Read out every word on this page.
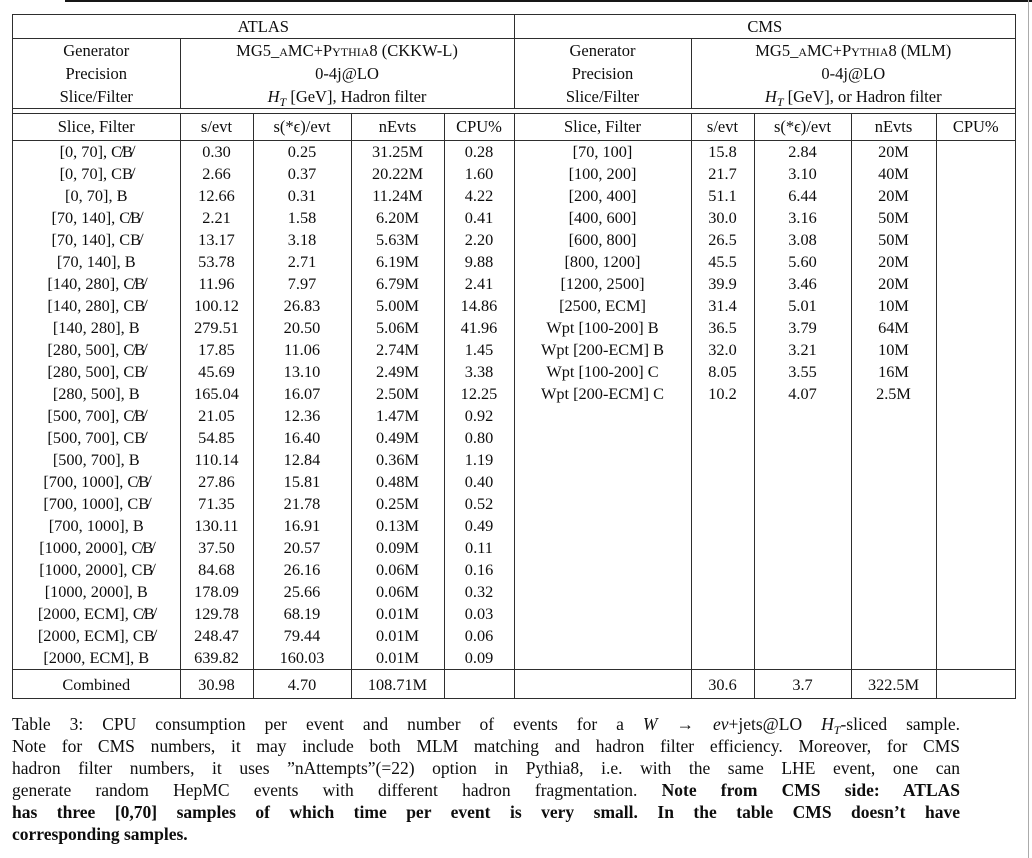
ATLAS		CMS	
Generator	MG5_aMC+Pythia8 (CKKW-L)	Generator	MG5_aMC+Pythia8 (MLM)
Precision	0-4j@LO	Precision	0-4j@LO
Slice/Filter	$H_T$ [GeV], Hadron filter	Slice/Filter	$H_T$ [GeV], or Hadron filter
Slice, Filter	s/evt	s(*ϵ)/evt	nEvts	CPU%	Slice, Filter	s/evt	s(*ϵ)/evt	nEvts	CPU%
[0, 70], C̸B̸	0.30	0.25	31.25M	0.28	[70, 100]	15.8	2.84	20M	
[0, 70], CB̸	2.66	0.37	20.22M	1.60	[100, 200]	21.7	3.10	40M	
[0, 70], B	12.66	0.31	11.24M	4.22	[200, 400]	51.1	6.44	20M	
[70, 140], C̸B̸	2.21	1.58	6.20M	0.41	[400, 600]	30.0	3.16	50M	
[70, 140], CB̸	13.17	3.18	5.63M	2.20	[600, 800]	26.5	3.08	50M	
[70, 140], B	53.78	2.71	6.19M	9.88	[800, 1200]	45.5	5.60	20M	
[140, 280], C̸B̸	11.96	7.97	6.79M	2.41	[1200, 2500]	39.9	3.46	20M	
[140, 280], CB̸	100.12	26.83	5.00M	14.86	[2500, ECM]	31.4	5.01	10M	
[140, 280], B	279.51	20.50	5.06M	41.96	Wpt [100-200] B	36.5	3.79	64M	
[280, 500], C̸B̸	17.85	11.06	2.74M	1.45	Wpt [200-ECM] B	32.0	3.21	10M	
[280, 500], CB̸	45.69	13.10	2.49M	3.38	Wpt [100-200] C	8.05	3.55	16M	
[280, 500], B	165.04	16.07	2.50M	12.25	Wpt [200-ECM] C	10.2	4.07	2.5M	
[500, 700], C̸B̸	21.05	12.36	1.47M	0.92					
[500, 700], CB̸	54.85	16.40	0.49M	0.80					
[500, 700], B	110.14	12.84	0.36M	1.19					
[700, 1000], C̸B̸	27.86	15.81	0.48M	0.40					
[700, 1000], CB̸	71.35	21.78	0.25M	0.52					
[700, 1000], B	130.11	16.91	0.13M	0.49					
[1000, 2000], C̸B̸	37.50	20.57	0.09M	0.11					
[1000, 2000], CB̸	84.68	26.16	0.06M	0.16					
[1000, 2000], B	178.09	25.66	0.06M	0.32					
[2000, ECM], C̸B̸	129.78	68.19	0.01M	0.03					
[2000, ECM], CB̸	248.47	79.44	0.01M	0.06					
[2000, ECM], B	639.82	160.03	0.01M	0.09					
Combined	30.98	4.70	108.71M			30.6	3.7	322.5M	

Table 3: CPU consumption per event and number of events for a W → eν+jets@LO $H_T$-sliced sample.
Note for CMS numbers, it may include both MLM matching and hadron filter efficiency. Moreover, for CMS
hadron filter numbers, it uses ”nAttempts”(=22) option in Pythia8, i.e. with the same LHE event, one can
generate random HepMC events with different hadron fragmentation. Note from CMS side: ATLAS
has three [0,70] samples of which time per event is very small. In the table CMS doesn’t have
corresponding samples.
